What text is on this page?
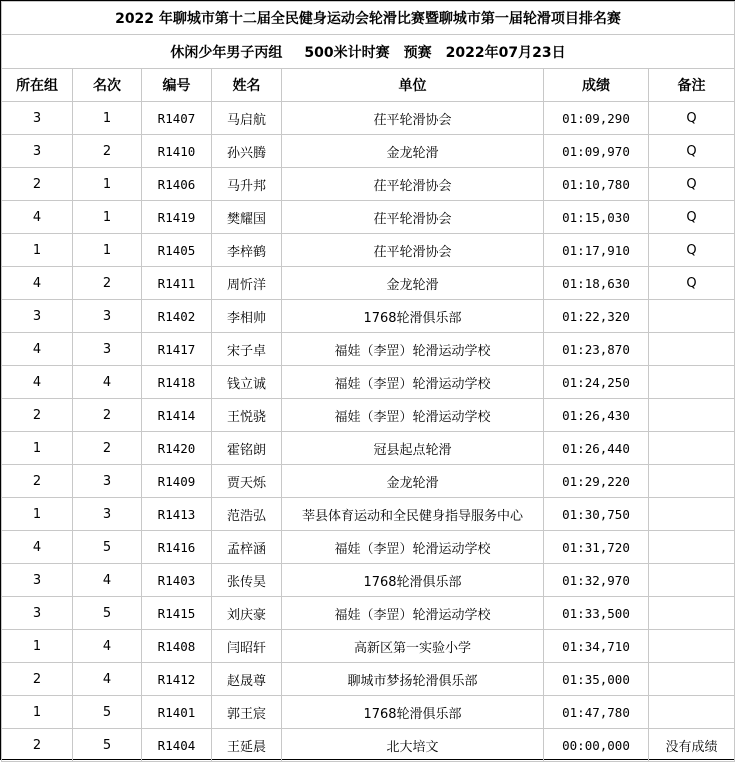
2022 年聊城市第十二届全民健身运动会轮滑比赛暨聊城市第一届轮滑项目排名赛						
休闲少年男子丙组 500米计时赛 预赛 2022年07月23日						
所在组	名次	编号	姓名	单位	成绩	备注
3	1	R1407	马启航	茌平轮滑协会	01:09,290	Q
3	2	R1410	孙兴腾	金龙轮滑	01:09,970	Q
2	1	R1406	马升邦	茌平轮滑协会	01:10,780	Q
4	1	R1419	樊耀国	茌平轮滑协会	01:15,030	Q
1	1	R1405	李梓鹤	茌平轮滑协会	01:17,910	Q
4	2	R1411	周忻洋	金龙轮滑	01:18,630	Q
3	3	R1402	李相帅	1768轮滑俱乐部	01:22,320	
4	3	R1417	宋子卓	福娃（李罡）轮滑运动学校	01:23,870	
4	4	R1418	钱立诚	福娃（李罡）轮滑运动学校	01:24,250	
2	2	R1414	王悦骁	福娃（李罡）轮滑运动学校	01:26,430	
1	2	R1420	霍铭朗	冠县起点轮滑	01:26,440	
2	3	R1409	贾天烁	金龙轮滑	01:29,220	
1	3	R1413	范浩弘	莘县体育运动和全民健身指导服务中心	01:30,750	
4	5	R1416	孟梓涵	福娃（李罡）轮滑运动学校	01:31,720	
3	4	R1403	张传昊	1768轮滑俱乐部	01:32,970	
3	5	R1415	刘庆豪	福娃（李罡）轮滑运动学校	01:33,500	
1	4	R1408	闫昭轩	高新区第一实验小学	01:34,710	
2	4	R1412	赵晟尊	聊城市梦扬轮滑俱乐部	01:35,000	
1	5	R1401	郭王宸	1768轮滑俱乐部	01:47,780	
2	5	R1404	王延晨	北大培文	00:00,000	没有成绩
